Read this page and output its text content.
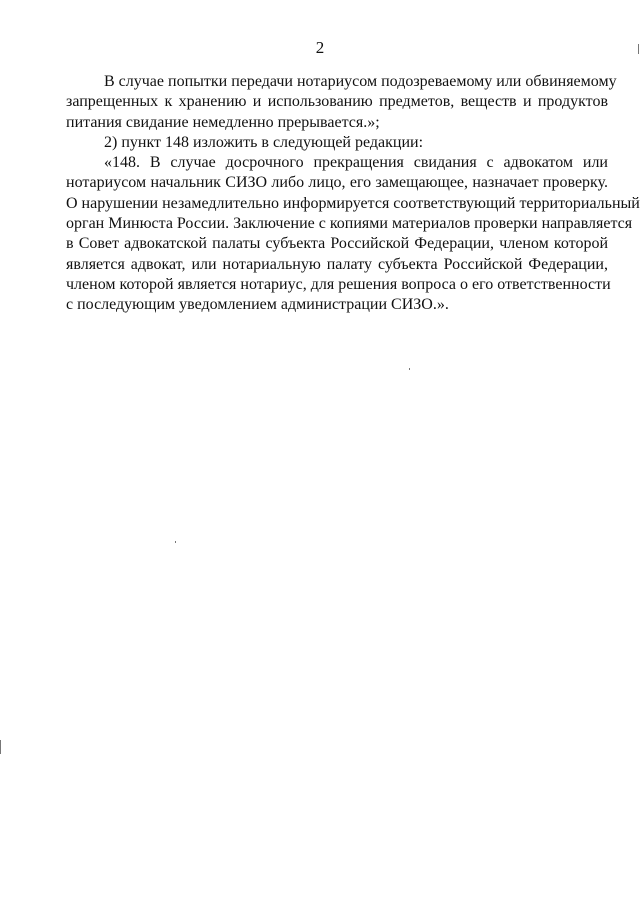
2
В случае попытки передачи нотариусом подозреваемому или обвиняемому
запрещенных к хранению и использованию предметов, веществ и продуктов
питания свидание немедленно прерывается.»;
2) пункт 148 изложить в следующей редакции:
«148. В случае досрочного прекращения свидания с адвокатом или
нотариусом начальник СИЗО либо лицо, его замещающее, назначает проверку.
О нарушении незамедлительно информируется соответствующий территориальный
орган Минюста России. Заключение с копиями материалов проверки направляется
в Совет адвокатской палаты субъекта Российской Федерации, членом которой
является адвокат, или нотариальную палату субъекта Российской Федерации,
членом которой является нотариус, для решения вопроса о его ответственности
с последующим уведомлением администрации СИЗО.».
